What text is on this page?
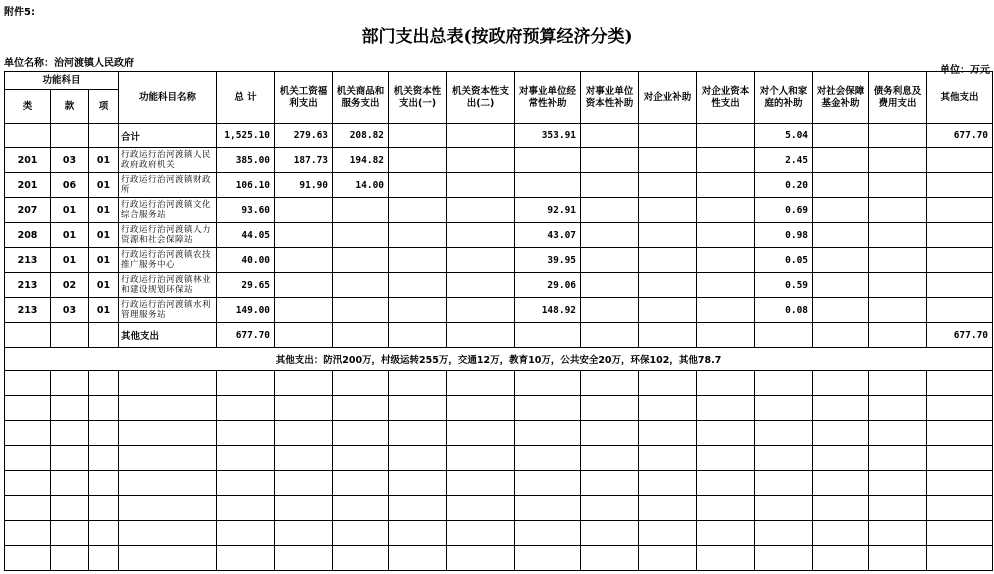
附件5:
部门支出总表(按政府预算经济分类)
单位名称：治河渡镇人民政府
单位：万元
功能科目			功能科目名称	总 计	机关工资福利支出	机关商品和服务支出	机关资本性支出(一)	机关资本性支出(二)	对事业单位经常性补助	对事业单位资本性补助	对企业补助	对企业资本性支出	对个人和家庭的补助	对社会保障基金补助	债务利息及费用支出	其他支出
类	款	项														
			合计	1,525.10	279.63	208.82			353.91				5.04			677.70
201	03	01	行政运行治河渡镇人民政府政府机关	385.00	187.73	194.82							2.45			
201	06	01	行政运行治河渡镇财政所	106.10	91.90	14.00							0.20			
207	01	01	行政运行治河渡镇文化综合服务站	93.60					92.91				0.69			
208	01	01	行政运行治河渡镇人力资源和社会保障站	44.05					43.07				0.98			
213	01	01	行政运行治河渡镇农技推广服务中心	40.00					39.95				0.05			
213	02	01	行政运行治河渡镇林业和建设规划环保站	29.65					29.06				0.59			
213	03	01	行政运行治河渡镇水利管理服务站	149.00					148.92				0.08			
			其他支出	677.70												677.70
其他支出：防汛200万，村级运转255万，交通12万，教育10万，公共安全20万，环保102，其他78.7																
